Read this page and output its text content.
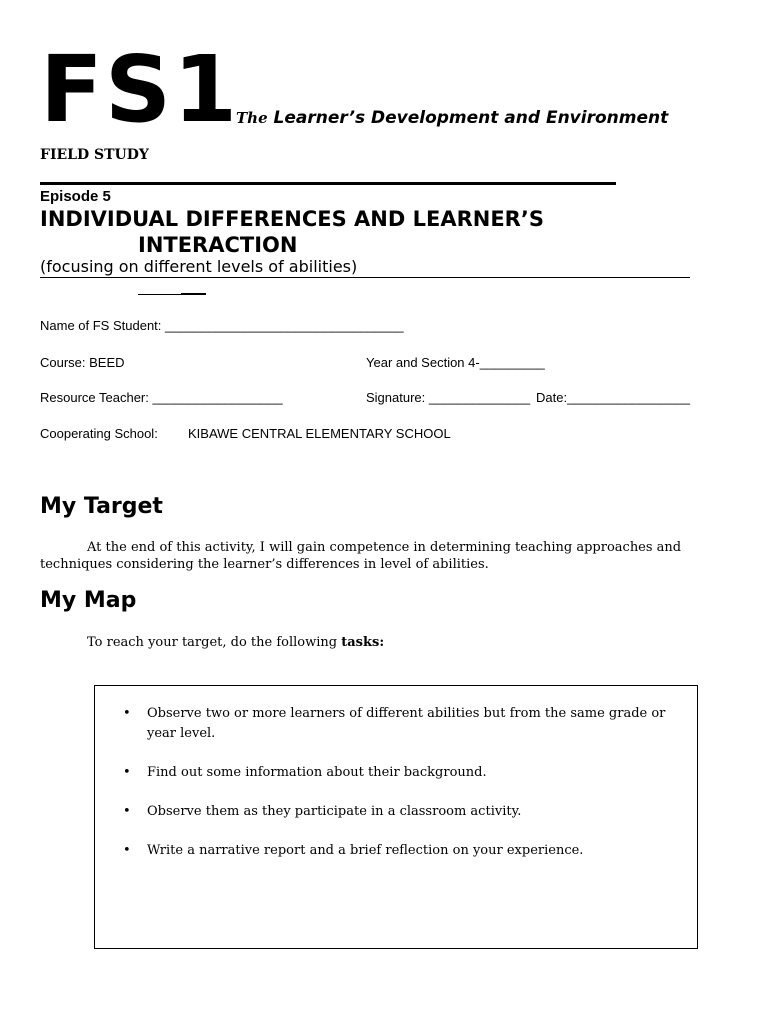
FS1
The Learner’s Development and Environment
FIELD STUDY
Episode 5
INDIVIDUAL DIFFERENCES AND LEARNER’S
INTERACTION
(focusing on different levels of abilities)
Name of FS Student: _________________________________
Course: BEED	Year and Section 4-_________
Resource Teacher: __________________	Signature: ______________ Date:_________________
Cooperating School: KIBAWE CENTRAL ELEMENTARY SCHOOL
My Target
At the end of this activity, I will gain competence in determining teaching approaches and
techniques considering the learner’s differences in level of abilities.
My Map
To reach your target, do the following tasks:
• Observe two or more learners of different abilities but from the same grade or
year level.
• Find out some information about their background.
• Observe them as they participate in a classroom activity.
• Write a narrative report and a brief reflection on your experience.
